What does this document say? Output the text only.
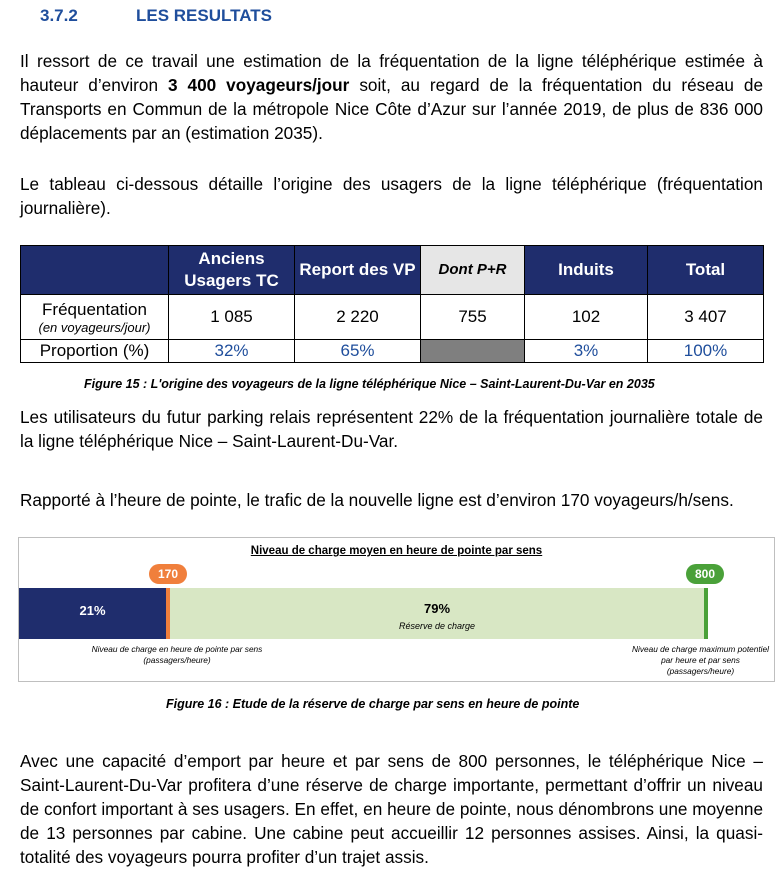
3.7.2	LES RESULTATS
Il ressort de ce travail une estimation de la fréquentation de la ligne téléphérique estimée à hauteur d’environ 3 400 voyageurs/jour soit, au regard de la fréquentation du réseau de Transports en Commun de la métropole Nice Côte d’Azur sur l’année 2019, de plus de 836 000 déplacements par an (estimation 2035).
Le tableau ci-dessous détaille l’origine des usagers de la ligne téléphérique (fréquentation journalière).
	Anciens Usagers TC	Report des VP	Dont P+R	Induits	Total
Fréquentation
(en voyageurs/jour)	1 085	2 220	755	102	3 407
Proportion (%)	32%	65%		3%	100%
Figure 15 : L'origine des voyageurs de la ligne téléphérique Nice – Saint-Laurent-Du-Var en 2035
Les utilisateurs du futur parking relais représentent 22% de la fréquentation journalière totale de la ligne téléphérique Nice – Saint-Laurent-Du-Var.
Rapporté à l’heure de pointe, le trafic de la nouvelle ligne est d’environ 170 voyageurs/h/sens.
Niveau de charge moyen en heure de pointe par sens
170	800
21%	79%
Réserve de charge
Niveau de charge en heure de pointe par sens (passagers/heure)
Niveau de charge maximum potentiel par heure et par sens (passagers/heure)
Figure 16 : Etude de la réserve de charge par sens en heure de pointe
Avec une capacité d’emport par heure et par sens de 800 personnes, le téléphérique Nice – Saint-Laurent-Du-Var profitera d’une réserve de charge importante, permettant d’offrir un niveau de confort important à ses usagers. En effet, en heure de pointe, nous dénombrons une moyenne de 13 personnes par cabine. Une cabine peut accueillir 12 personnes assises. Ainsi, la quasi-totalité des voyageurs pourra profiter d’un trajet assis.
